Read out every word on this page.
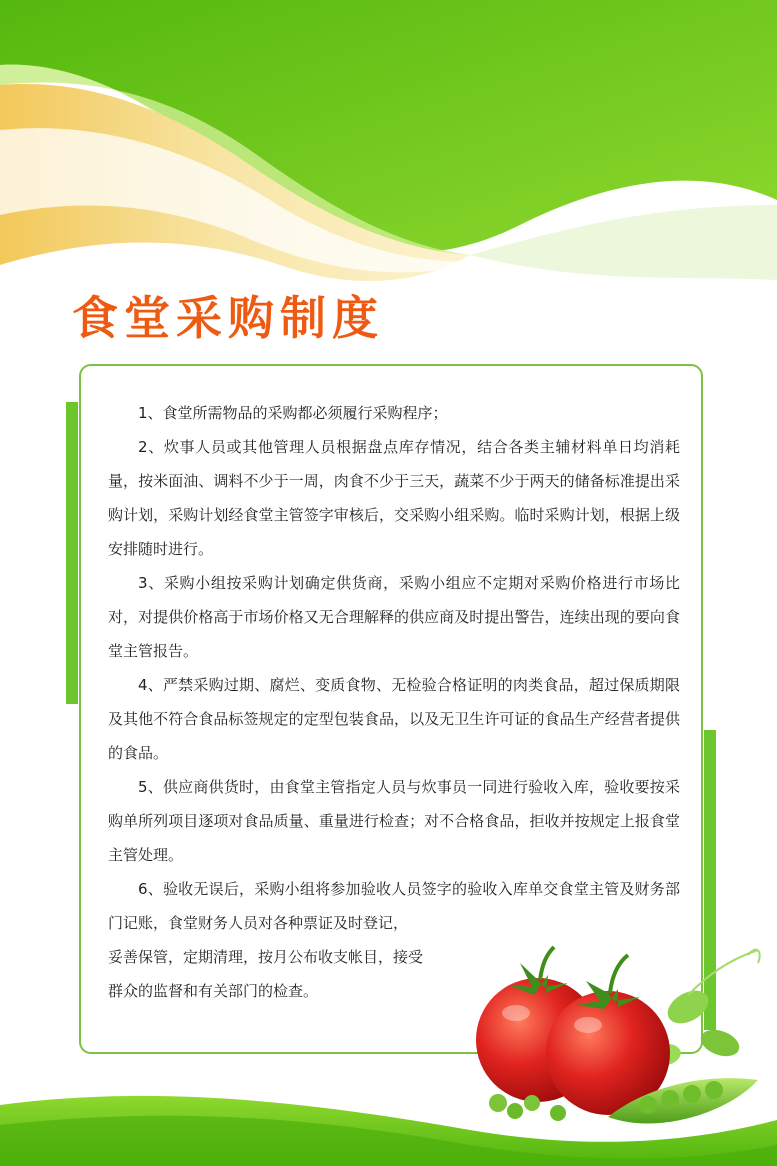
食堂采购制度

1、食堂所需物品的采购都必须履行采购程序；

2、炊事人员或其他管理人员根据盘点库存情况，结合各类主辅材料单日均消耗量，按米面油、调料不少于一周，肉食不少于三天，蔬菜不少于两天的储备标准提出采购计划，采购计划经食堂主管签字审核后，交采购小组采购。临时采购计划，根据上级安排随时进行。

3、采购小组按采购计划确定供货商，采购小组应不定期对采购价格进行市场比对，对提供价格高于市场价格又无合理解释的供应商及时提出警告，连续出现的要向食堂主管报告。

4、严禁采购过期、腐烂、变质食物、无检验合格证明的肉类食品，超过保质期限及其他不符合食品标签规定的定型包装食品，以及无卫生许可证的食品生产经营者提供的食品。

5、供应商供货时，由食堂主管指定人员与炊事员一同进行验收入库，验收要按采购单所列项目逐项对食品质量、重量进行检查；对不合格食品，拒收并按规定上报食堂主管处理。

6、验收无误后，采购小组将参加验收人员签字的验收入库单交食堂主管及财务部门记账，食堂财务人员对各种票证及时登记，

妥善保管，定期清理，按月公布收支帐目，接受

群众的监督和有关部门的检查。
